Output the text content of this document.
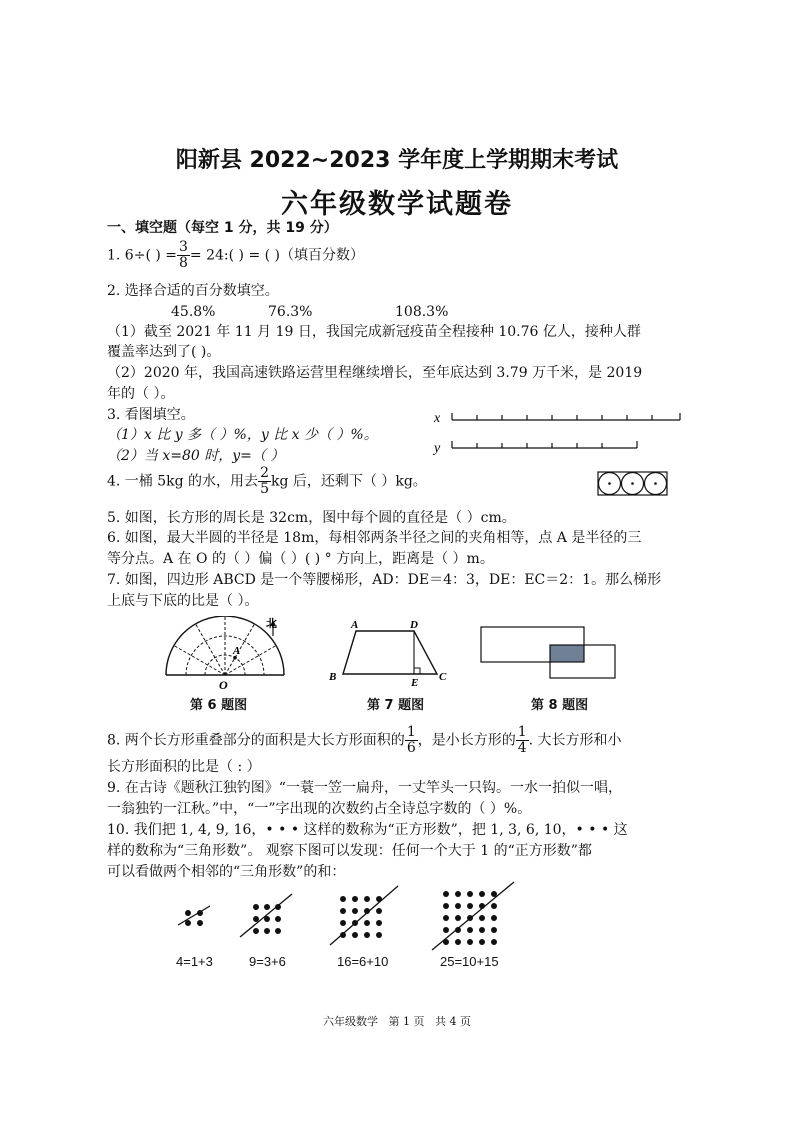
阳新县 2022~2023 学年度上学期期末考试
六年级数学试题卷
一、填空题（每空 1 分，共 19 分）
1. 6÷( ) = $\frac{3}{8}$ = 24:( ) = ( )（填百分数）
2. 选择合适的百分数填空。
45.8%	76.3%	108.3%
（1）截至 2021 年 11 月 19 日，我国完成新冠疫苗全程接种 10.76 亿人，接种人群
覆盖率达到了( )。
（2）2020 年，我国高速铁路运营里程继续增长，至年底达到 3.79 万千米，是 2019
年的（ ）。
3. 看图填空。
（1）x 比 y 多（ ）%，y 比 x 少（ ）%。
（2）当 x=80 时，y=（ ）
x
y
4. 一桶 5kg 的水，用去 $\frac{2}{5}$ kg 后，还剩下（ ）kg。
5. 如图，长方形的周长是 32cm，图中每个圆的直径是（ ）cm。
6. 如图，最大半圆的半径是 18m，每相邻两条半径之间的夹角相等，点 A 是半径的三
等分点。A 在 O 的（ ）偏（ ）( ) ° 方向上，距离是（ ）m。
7. 如图，四边形 ABCD 是一个等腰梯形，AD：DE＝4：3，DE：EC＝2：1。那么梯形
上底与下底的比是（ ）。
A
O
北
第 6 题图
A	D
B	C
E
第 7 题图	第 8 题图
8. 两个长方形重叠部分的面积是大长方形面积的 $\frac{1}{6}$ ，是小长方形的 $\frac{1}{4}$ . 大长方形和小
长方形面积的比是（ : ）
9. 在古诗《题秋江独钓图》“一蓑一笠一扁舟，一丈竿头一只钩。一水一拍似一唱，
一翁独钓一江秋。”中，“一”字出现的次数约占全诗总字数的（ ）%。
10. 我们把 1, 4, 9, 16，• • • 这样的数称为“正方形数”，把 1, 3, 6, 10，• • • 这
样的数称为“三角形数”。 观察下图可以发现：任何一个大于 1 的“正方形数”都
可以看做两个相邻的“三角形数”的和：
4=1+3	9=3+6	16=6+10	25=10+15
六年级数学   第 1 页   共 4 页
